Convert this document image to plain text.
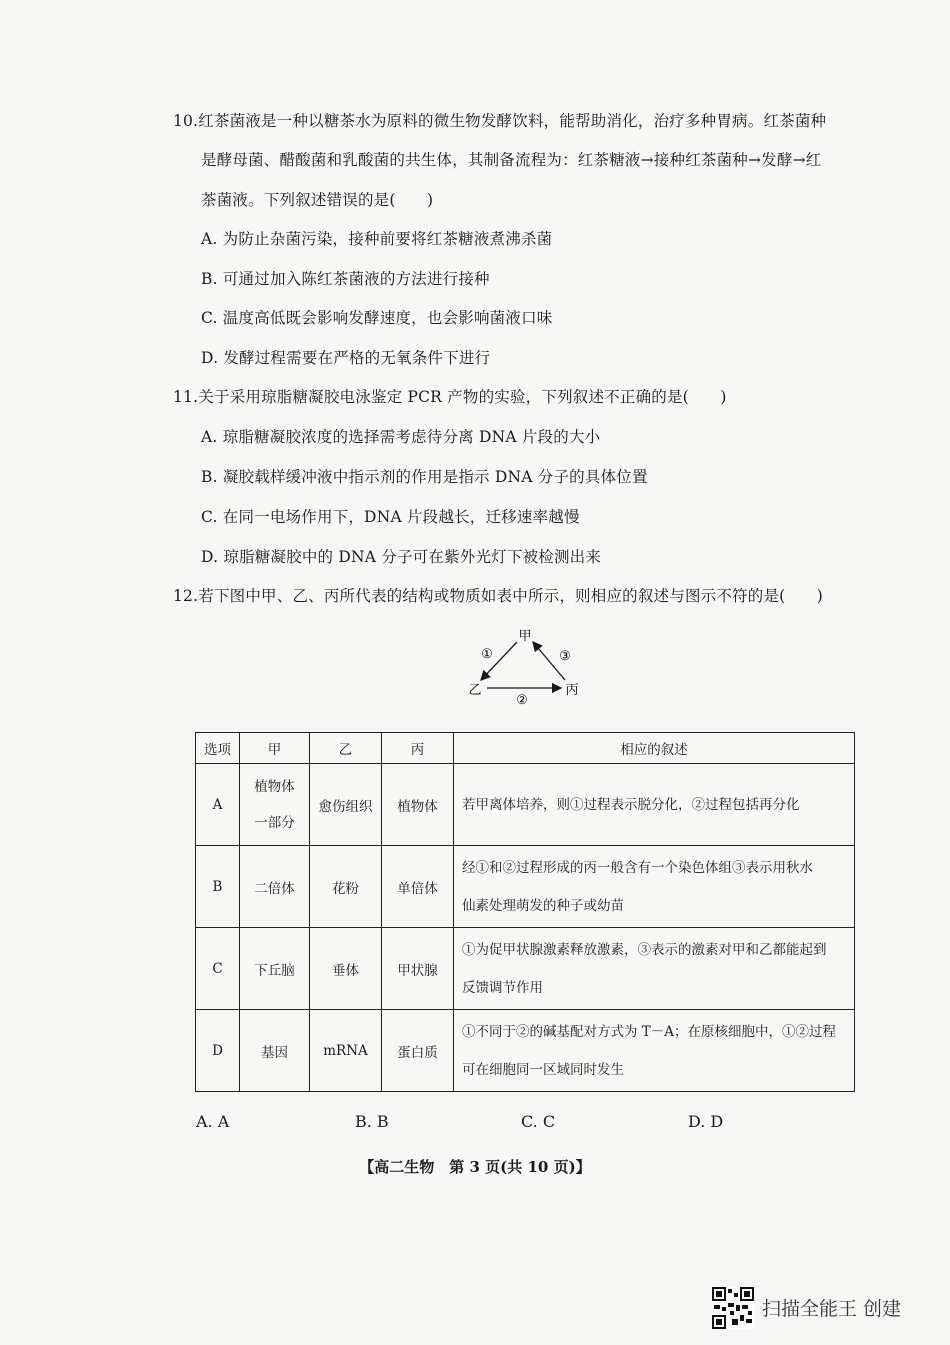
10.红茶菌液是一种以糖茶水为原料的微生物发酵饮料，能帮助消化，治疗多种胃病。红茶菌种
是酵母菌、醋酸菌和乳酸菌的共生体，其制备流程为：红茶糖液→接种红茶菌种→发酵→红
茶菌液。下列叙述错误的是(　　)
A. 为防止杂菌污染，接种前要将红茶糖液煮沸杀菌
B. 可通过加入陈红茶菌液的方法进行接种
C. 温度高低既会影响发酵速度，也会影响菌液口味
D. 发酵过程需要在严格的无氧条件下进行
11.关于采用琼脂糖凝胶电泳鉴定 PCR 产物的实验，下列叙述不正确的是(　　)
A. 琼脂糖凝胶浓度的选择需考虑待分离 DNA 片段的大小
B. 凝胶载样缓冲液中指示剂的作用是指示 DNA 分子的具体位置
C. 在同一电场作用下，DNA 片段越长，迁移速率越慢
D. 琼脂糖凝胶中的 DNA 分子可在紫外光灯下被检测出来
12.若下图中甲、乙、丙所代表的结构或物质如表中所示，则相应的叙述与图示不符的是(　　)
甲
乙	丙
①
②
③
选项	甲	乙	丙	相应的叙述
A	植物体
一部分	愈伤组织	植物体	若甲离体培养，则①过程表示脱分化，②过程包括再分化

B	二倍体	花粉	单倍体	经①和②过程形成的丙一般含有一个染色体组③表示用秋水
仙素处理萌发的种子或幼苗

C	下丘脑	垂体	甲状腺	①为促甲状腺激素释放激素，③表示的激素对甲和乙都能起到
反馈调节作用

D	基因	mRNA	蛋白质	①不同于②的碱基配对方式为 T－A；在原核细胞中，①②过程
可在细胞同一区域同时发生
A. A	B. B	C. C	D. D
【高二生物　第 3 页(共 10 页)】
扫描全能王 创建
